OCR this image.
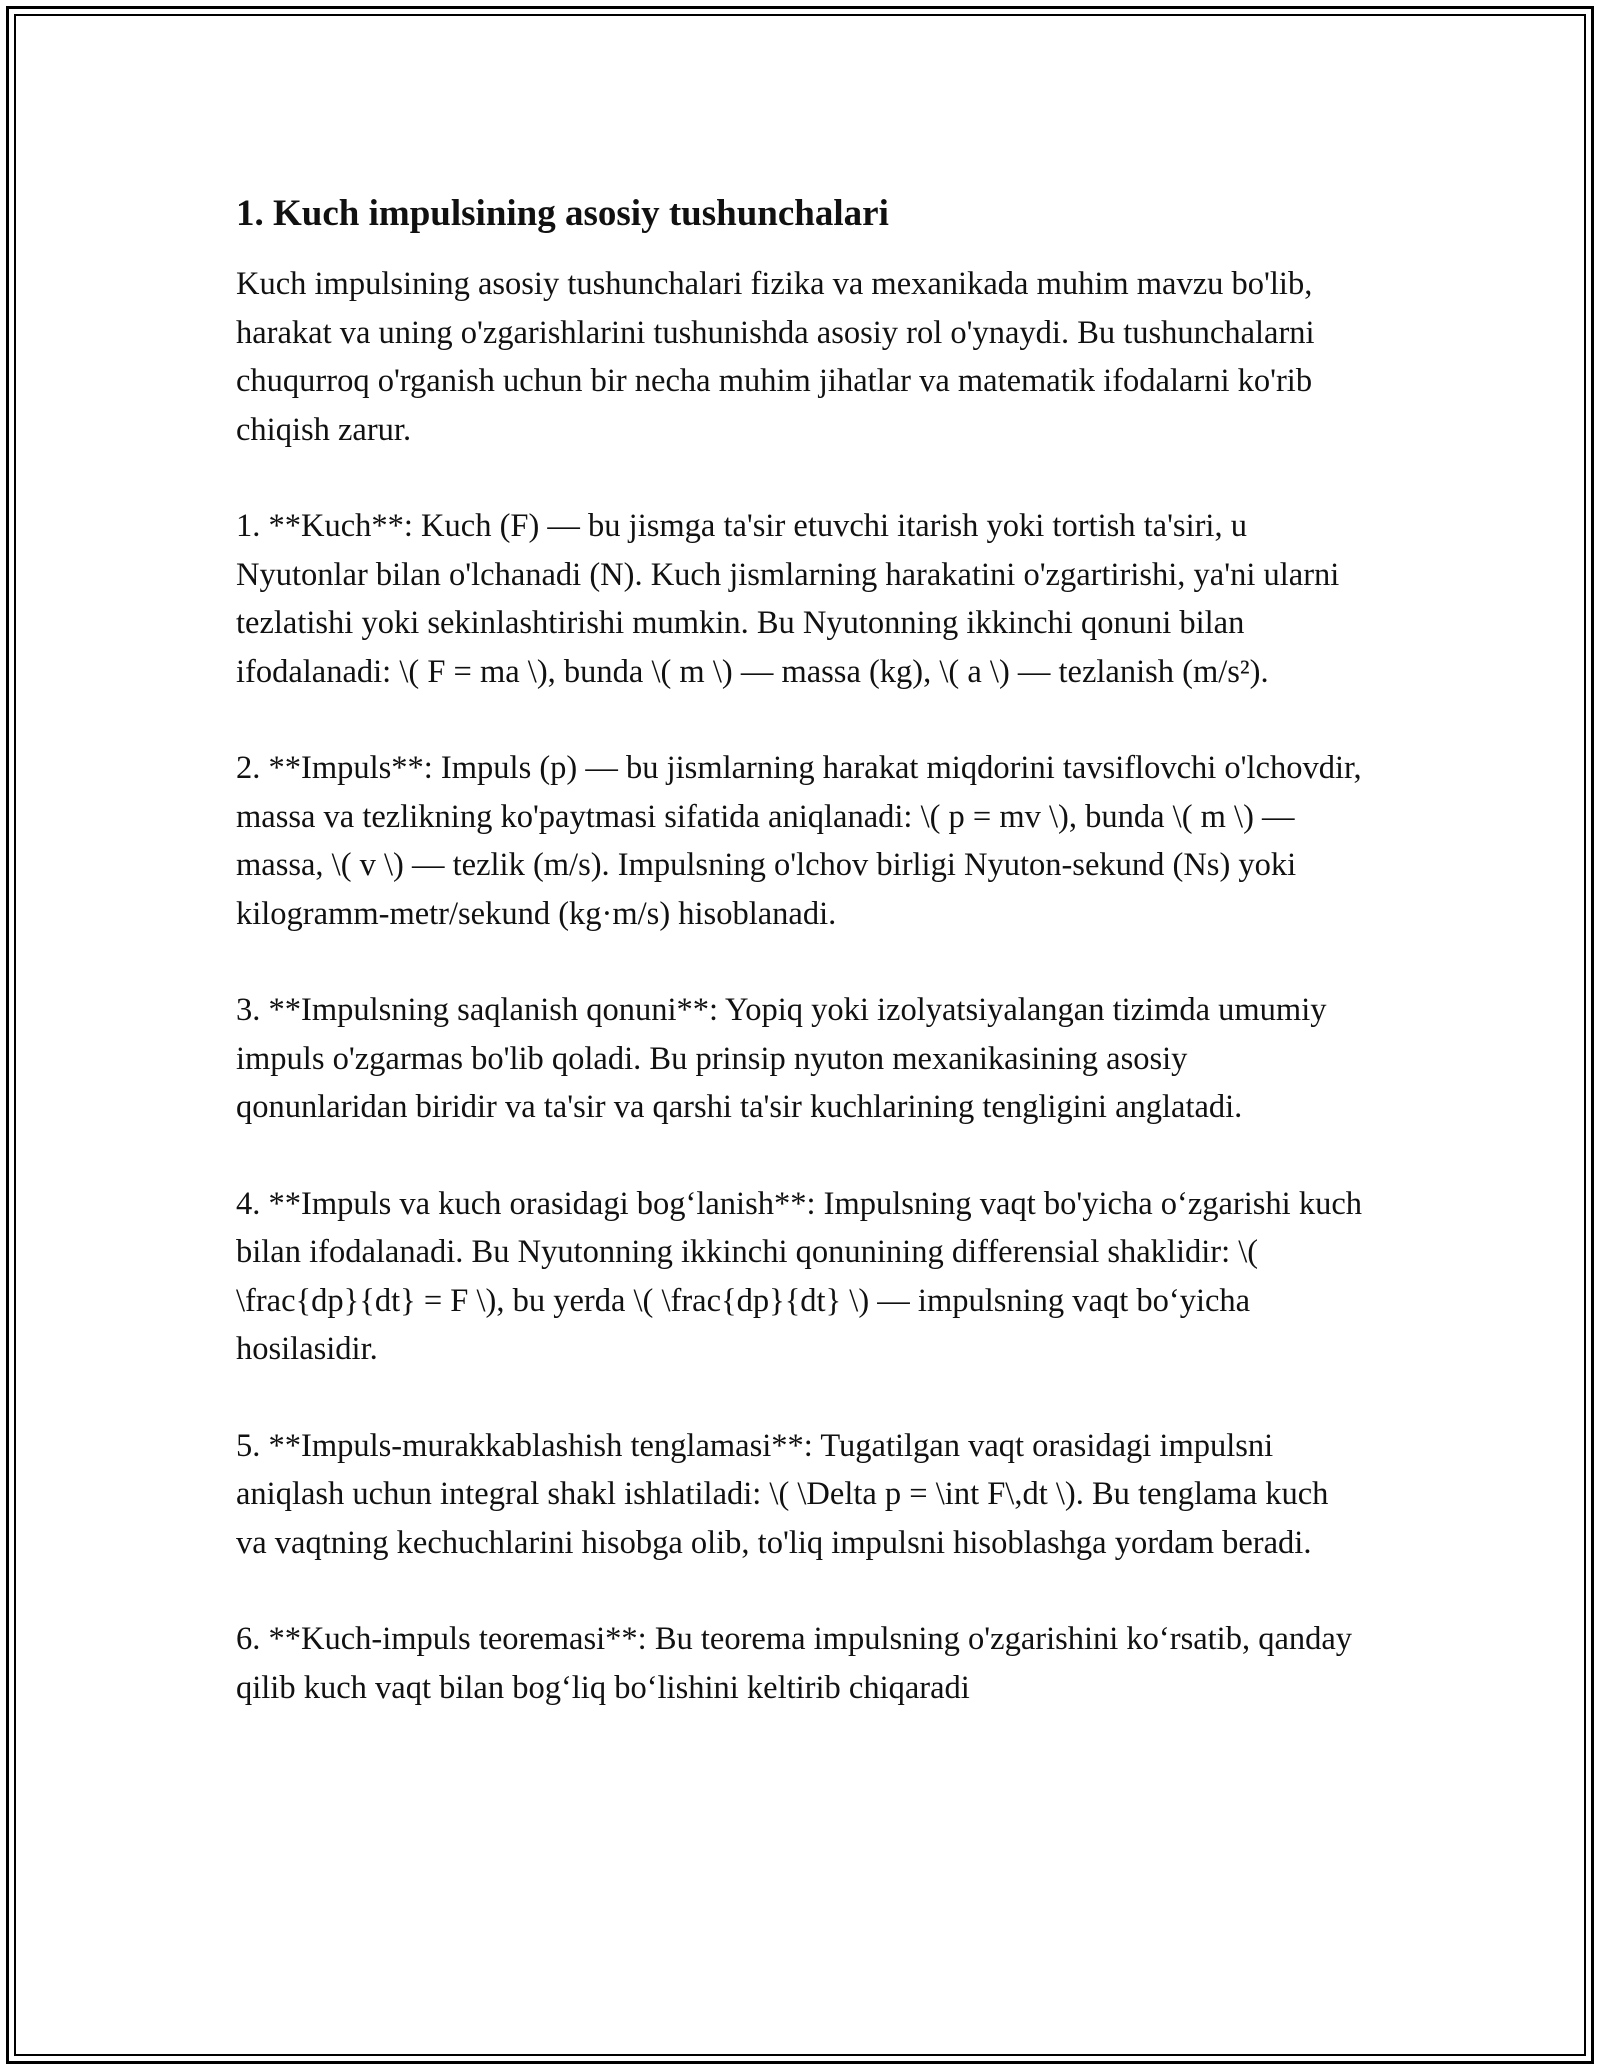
1. Kuch impulsining asosiy tushunchalari

Kuch impulsining asosiy tushunchalari fizika va mexanikada muhim mavzu bo'lib, harakat va uning o'zgarishlarini tushunishda asosiy rol o'ynaydi. Bu tushunchalarni chuqurroq o'rganish uchun bir necha muhim jihatlar va matematik ifodalarni ko'rib chiqish zarur.

1. **Kuch**: Kuch (F) — bu jismga ta'sir etuvchi itarish yoki tortish ta'siri, u Nyutonlar bilan o'lchanadi (N). Kuch jismlarning harakatini o'zgartirishi, ya'ni ularni tezlatishi yoki sekinlashtirishi mumkin. Bu Nyutonning ikkinchi qonuni bilan ifodalanadi: \( F = ma \), bunda \( m \) — massa (kg), \( a \) — tezlanish (m/s²).

2. **Impuls**: Impuls (p) — bu jismlarning harakat miqdorini tavsiflovchi o'lchovdir, massa va tezlikning ko'paytmasi sifatida aniqlanadi: \( p = mv \), bunda \( m \) — massa, \( v \) — tezlik (m/s). Impulsning o'lchov birligi Nyuton-sekund (Ns) yoki kilogramm-metr/sekund (kg·m/s) hisoblanadi.

3. **Impulsning saqlanish qonuni**: Yopiq yoki izolyatsiyalangan tizimda umumiy impuls o'zgarmas bo'lib qoladi. Bu prinsip nyuton mexanikasining asosiy qonunlaridan biridir va ta'sir va qarshi ta'sir kuchlarining tengligini anglatadi.

4. **Impuls va kuch orasidagi bog‘lanish**: Impulsning vaqt bo'yicha o‘zgarishi kuch bilan ifodalanadi. Bu Nyutonning ikkinchi qonunining differensial shaklidir: \( \frac{dp}{dt} = F \), bu yerda \( \frac{dp}{dt} \) — impulsning vaqt bo‘yicha hosilasidir.

5. **Impuls-murakkablashish tenglamasi**: Tugatilgan vaqt orasidagi impulsni aniqlash uchun integral shakl ishlatiladi: \( \Delta p = \int F\,dt \). Bu tenglama kuch va vaqtning kechuchlarini hisobga olib, to'liq impulsni hisoblashga yordam beradi.

6. **Kuch-impuls teoremasi**: Bu teorema impulsning o'zgarishini ko‘rsatib, qanday qilib kuch vaqt bilan bog‘liq bo‘lishini keltirib chiqaradi
